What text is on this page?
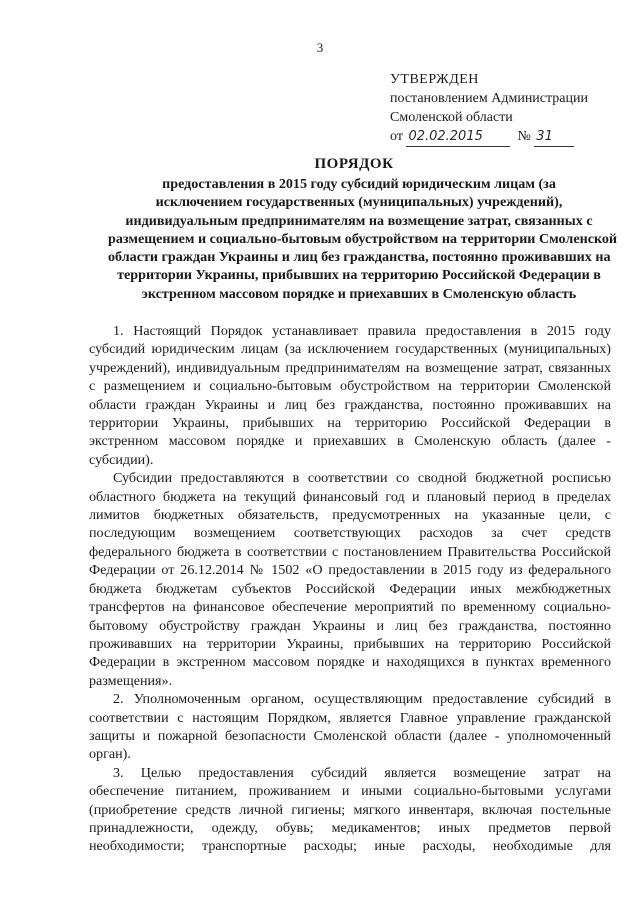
3
УТВЕРЖДЕН
постановлением Администрации
Смоленской области
от 02.02.2015 № 31
ПОРЯДОК
предоставления в 2015 году субсидий юридическим лицам (за
исключением государственных (муниципальных) учреждений),
индивидуальным предпринимателям на возмещение затрат, связанных с
размещением и социально-бытовым обустройством на территории Смоленской
области граждан Украины и лиц без гражданства, постоянно проживавших на
территории Украины, прибывших на территорию Российской Федерации в
экстренном массовом порядке и приехавших в Смоленскую область

1. Настоящий Порядок устанавливает правила предоставления в 2015 году
субсидий юридическим лицам (за исключением государственных (муниципальных)
учреждений), индивидуальным предпринимателям на возмещение затрат, связанных
с размещением и социально-бытовым обустройством на территории Смоленской
области граждан Украины и лиц без гражданства, постоянно проживавших на
территории Украины, прибывших на территорию Российской Федерации в
экстренном массовом порядке и приехавших в Смоленскую область (далее -
субсидии).

Субсидии предоставляются в соответствии со сводной бюджетной росписью
областного бюджета на текущий финансовый год и плановый период в пределах
лимитов бюджетных обязательств, предусмотренных на указанные цели, с
последующим возмещением соответствующих расходов за счет средств
федерального бюджета в соответствии с постановлением Правительства Российской
Федерации от 26.12.2014 № 1502 «О предоставлении в 2015 году из федерального
бюджета бюджетам субъектов Российской Федерации иных межбюджетных
трансфертов на финансовое обеспечение мероприятий по временному социально-
бытовому обустройству граждан Украины и лиц без гражданства, постоянно
проживавших на территории Украины, прибывших на территорию Российской
Федерации в экстренном массовом порядке и находящихся в пунктах временного
размещения».

2. Уполномоченным органом, осуществляющим предоставление субсидий в
соответствии с настоящим Порядком, является Главное управление гражданской
защиты и пожарной безопасности Смоленской области (далее - уполномоченный
орган).

3. Целью предоставления субсидий является возмещение затрат на
обеспечение питанием, проживанием и иными социально-бытовыми услугами
(приобретение средств личной гигиены; мягкого инвентаря, включая постельные
принадлежности, одежду, обувь; медикаментов; иных предметов первой
необходимости; транспортные расходы; иные расходы, необходимые для
